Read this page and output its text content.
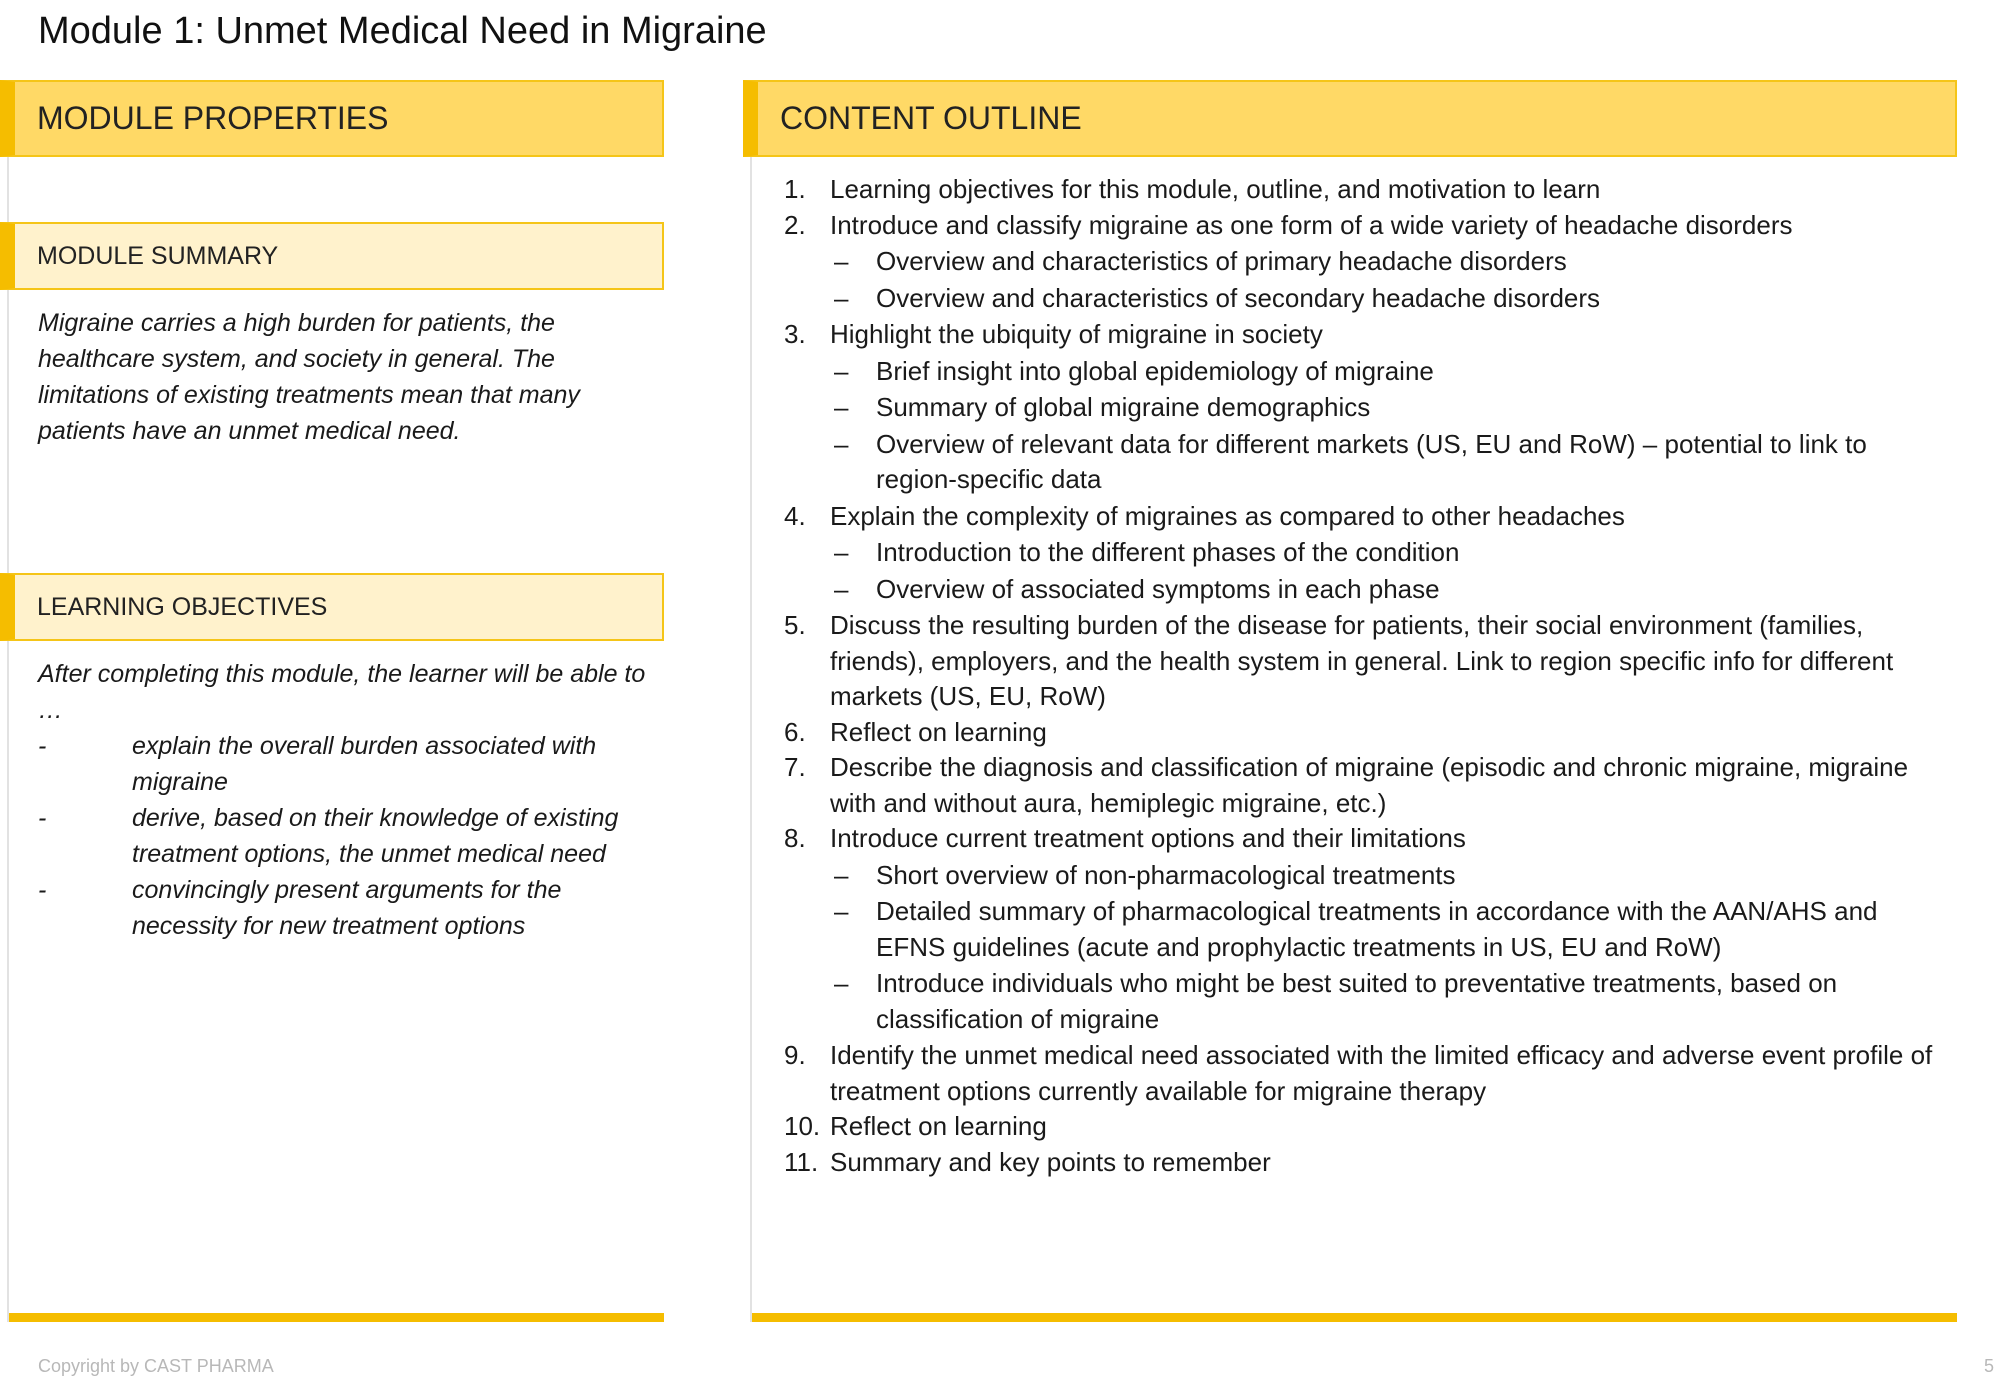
Module 1: Unmet Medical Need in Migraine
MODULE PROPERTIES
MODULE SUMMARY
Migraine carries a high burden for patients, the healthcare system, and society in general. The limitations of existing treatments mean that many patients have an unmet medical need.
LEARNING OBJECTIVES
After completing this module, the learner will be able to …
-	explain the overall burden associated with migraine
-	derive, based on their knowledge of existing treatment options, the unmet medical need
-	convincingly present arguments for the necessity for new treatment options
CONTENT OUTLINE
1. Learning objectives for this module, outline, and motivation to learn
2. Introduce and classify migraine as one form of a wide variety of headache disorders
– Overview and characteristics of primary headache disorders
– Overview and characteristics of secondary headache disorders
3. Highlight the ubiquity of migraine in society
– Brief insight into global epidemiology of migraine
– Summary of global migraine demographics
– Overview of relevant data for different markets (US, EU and RoW) – potential to link to region-specific data
4. Explain the complexity of migraines as compared to other headaches
– Introduction to the different phases of the condition
– Overview of associated symptoms in each phase
5. Discuss the resulting burden of the disease for patients, their social environment (families, friends), employers, and the health system in general. Link to region specific info for different markets (US, EU, RoW)
6. Reflect on learning
7. Describe the diagnosis and classification of migraine (episodic and chronic migraine, migraine with and without aura, hemiplegic migraine, etc.)
8. Introduce current treatment options and their limitations
– Short overview of non-pharmacological treatments
– Detailed summary of pharmacological treatments in accordance with the AAN/AHS and EFNS guidelines (acute and prophylactic treatments in US, EU and RoW)
– Introduce individuals who might be best suited to preventative treatments, based on classification of migraine
9. Identify the unmet medical need associated with the limited efficacy and adverse event profile of treatment options currently available for migraine therapy
10. Reflect on learning
11. Summary and key points to remember
Copyright by CAST PHARMA	5
